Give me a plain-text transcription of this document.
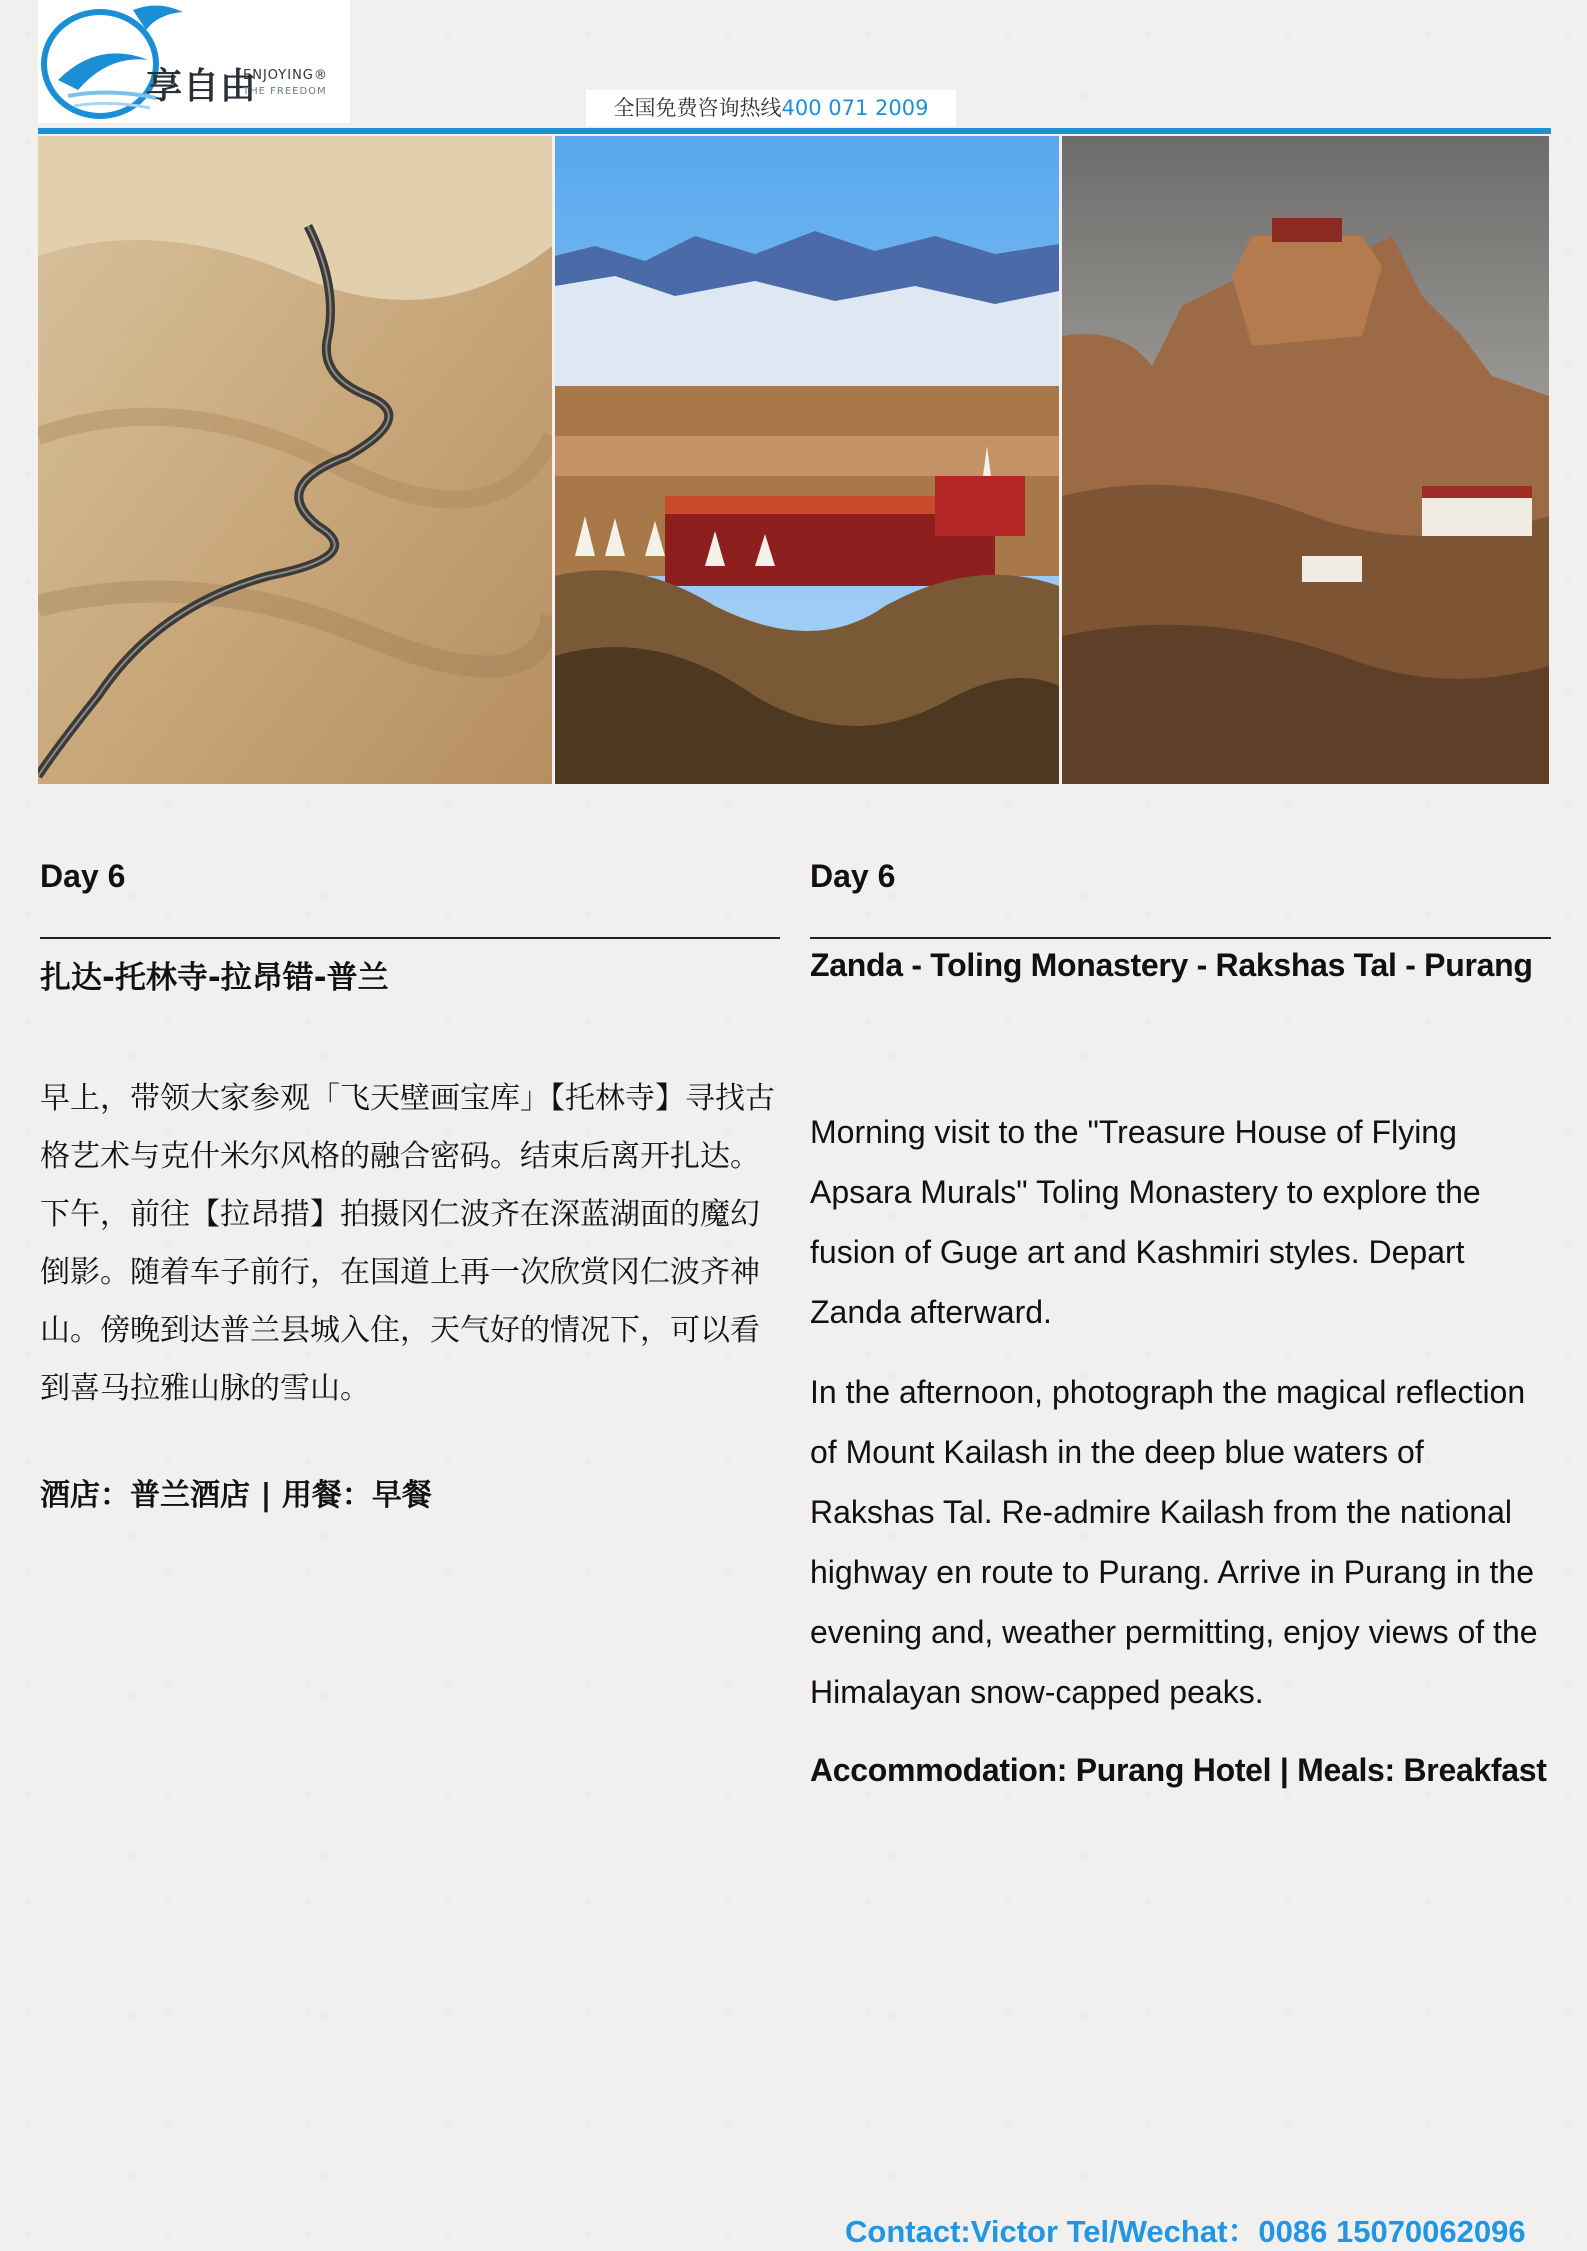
享自由
ENJOYING®
THE FREEDOM
全国免费咨询热线400 071 2009
Day 6
扎达-托林寺-拉昂错-普兰

早上，带领大家参观「飞天壁画宝库」【托林寺】寻找古格艺术与克什米尔风格的融合密码。结束后离开扎达。

下午，前往【拉昂措】拍摄冈仁波齐在深蓝湖面的魔幻倒影。随着车子前行，在国道上再一次欣赏冈仁波齐神山。傍晚到达普兰县城入住，天气好的情况下，可以看到喜马拉雅山脉的雪山。

酒店：普兰酒店 | 用餐：早餐
Day 6
Zanda - Toling Monastery - Rakshas Tal - Purang
Morning visit to the "Treasure House of Flying Apsara Murals" Toling Monastery to explore the fusion of Guge art and Kashmiri styles. Depart Zanda afterward.
In the afternoon, photograph the magical reflection of Mount Kailash in the deep blue waters of Rakshas Tal. Re-admire Kailash from the national highway en route to Purang. Arrive in Purang in the evening and, weather permitting, enjoy views of the Himalayan snow-capped peaks.
Accommodation: Purang Hotel | Meals: Breakfast
Contact:Victor Tel/Wechat：0086 15070062096
